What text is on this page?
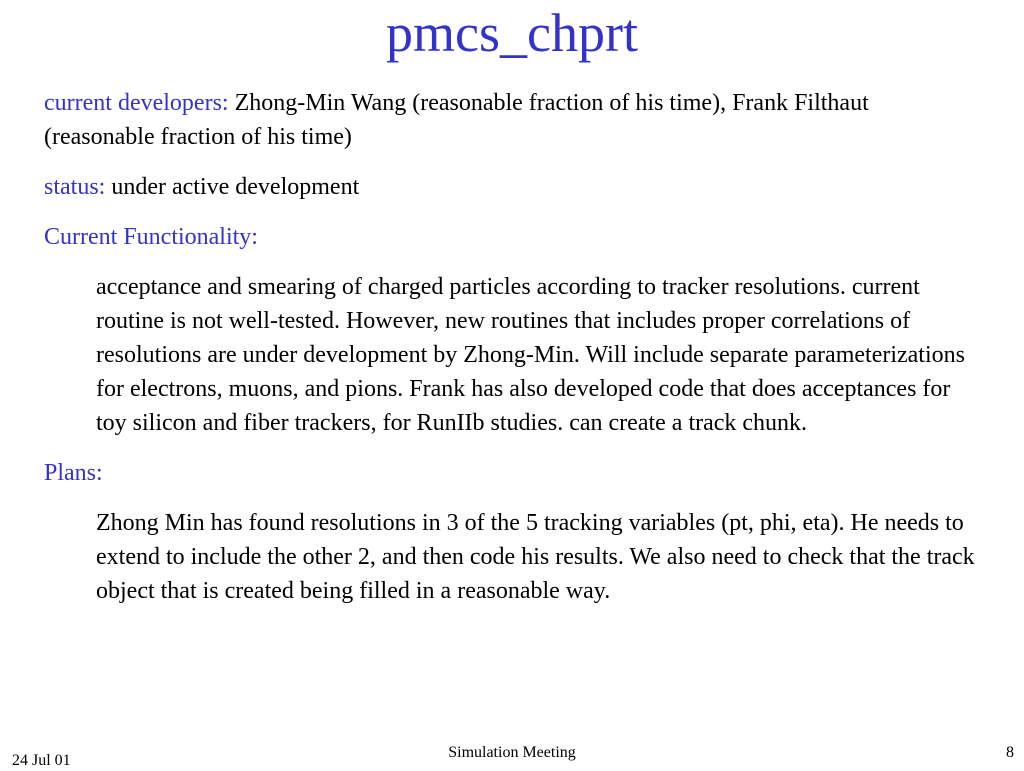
pmcs_chprt

current developers: Zhong-Min Wang (reasonable fraction of his time), Frank Filthaut (reasonable fraction of his time)

status: under active development

Current Functionality:

acceptance and smearing of charged particles according to tracker resolutions. current routine is not well-tested. However, new routines that includes proper correlations of resolutions are under development by Zhong-Min. Will include separate parameterizations for electrons, muons, and pions. Frank has also developed code that does acceptances for toy silicon and fiber trackers, for RunIIb studies. can create a track chunk.

Plans:

Zhong Min has found resolutions in 3 of the 5 tracking variables (pt, phi, eta). He needs to extend to include the other 2, and then code his results. We also need to check that the track object that is created being filled in a reasonable way.

24 Jul 01	Simulation Meeting	8
